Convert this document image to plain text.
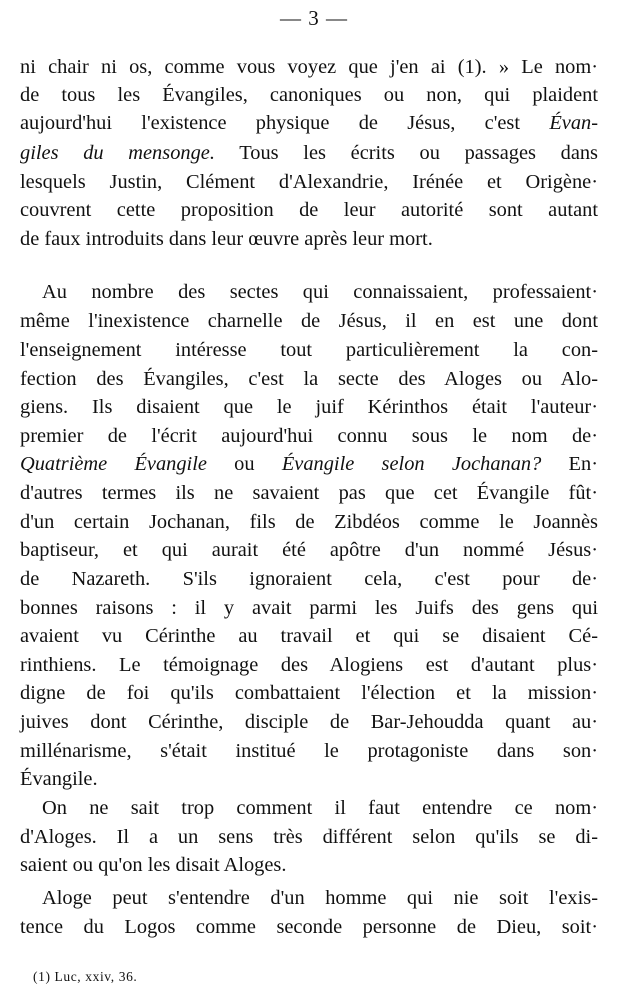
— 3 —
ni chair ni os, comme vous voyez que j'en ai (1). » Le nom·
de tous les Évangiles, canoniques ou non, qui plaident
aujourd'hui l'existence physique de Jésus, c'est Évan-
giles du mensonge. Tous les écrits ou passages dans
lesquels Justin, Clément d'Alexandrie, Irénée et Origène·
couvrent cette proposition de leur autorité sont autant
de faux introduits dans leur œuvre après leur mort.
Au nombre des sectes qui connaissaient, professaient·
même l'inexistence charnelle de Jésus, il en est une dont
l'enseignement intéresse tout particulièrement la con-
fection des Évangiles, c'est la secte des Aloges ou Alo-
giens. Ils disaient que le juif Kérinthos était l'auteur·
premier de l'écrit aujourd'hui connu sous le nom de·
Quatrième Évangile ou Évangile selon Jochanan? En·
d'autres termes ils ne savaient pas que cet Évangile fût·
d'un certain Jochanan, fils de Zibdéos comme le Joannès
baptiseur, et qui aurait été apôtre d'un nommé Jésus·
de Nazareth. S'ils ignoraient cela, c'est pour de·
bonnes raisons : il y avait parmi les Juifs des gens qui
avaient vu Cérinthe au travail et qui se disaient Cé-
rinthiens. Le témoignage des Alogiens est d'autant plus·
digne de foi qu'ils combattaient l'élection et la mission·
juives dont Cérinthe, disciple de Bar-Jehoudda quant au·
millénarisme, s'était institué le protagoniste dans son·
Évangile.
On ne sait trop comment il faut entendre ce nom·
d'Aloges. Il a un sens très différent selon qu'ils se di-
saient ou qu'on les disait Aloges.
Aloge peut s'entendre d'un homme qui nie soit l'exis-
tence du Logos comme seconde personne de Dieu, soit·
(1) Luc, xxiv, 36.
